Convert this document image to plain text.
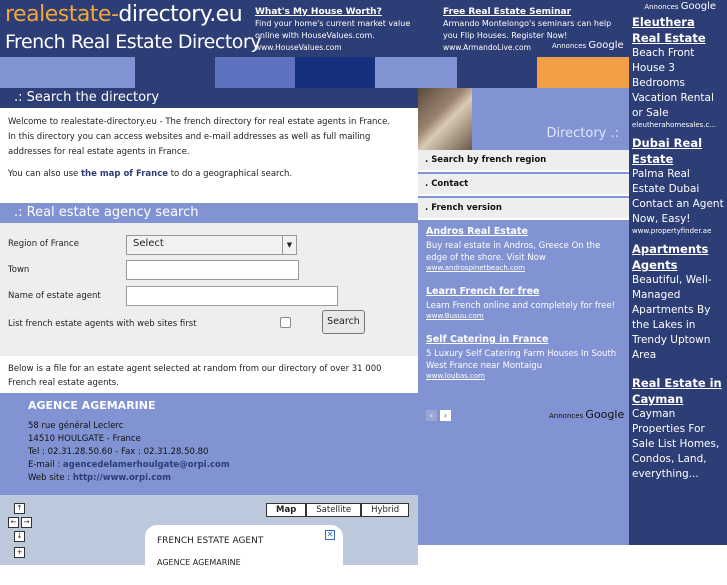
realestate-directory.eu
French Real Estate Directory
What's My House Worth?
Find your home's current market value online with HouseValues.com.
www.HouseValues.com
Free Real Estate Seminar
Armando Montelongo's seminars can help you Flip Houses. Register Now!
www.ArmandoLive.com	Annonces Google
.: Search the directory
Welcome to realestate-directory.eu - The french directory for real estate agents in France.
In this directory you can access websites and e-mail addresses as well as full mailing addresses for real estate agents in France.
You can also use the map of France to do a geographical search.
.: Real estate agency search
Region of France	Select	▼
Town
Name of estate agent
List french estate agents with web sites first	Search
Below is a file for an estate agent selected at random from our directory of over 31 000 French real estate agents.
AGENCE AGEMARINE
58 rue général Leclerc
14510 HOULGATE - France
Tel : 02.31.28.50.60 - Fax : 02.31.28.50.80
E-mail : agencedelamerhoulgate@orpi.com
Web site : http://www.orpi.com
↑
←	→
↓
+
Map	Satellite	Hybrid
FRENCH ESTATE AGENT
AGENCE AGEMARINE
✕
Directory .:
. Search by french region
. Contact
. French version
Andros Real Estate
Buy real estate in Andros, Greece On the edge of the shore. Visit Now
www.androspinetbeach.com
Learn French for free
Learn French online and completely for free!
www.Busuu.com
Self Catering in France
5 Luxury Self Catering Farm Houses In South West France near Montaigu
www.loubas.com
‹	›	Annonces Google
Annonces Google
Eleuthera Real Estate
Beach Front House 3 Bedrooms Vacation Rental or Sale
eleutherahomesales.c...
Dubai Real Estate
Palma Real Estate Dubai Contact an Agent Now, Easy!
www.propertyfinder.ae
Apartments Agents
Beautiful, Well-Managed Apartments By the Lakes in Trendy Uptown Area
Real Estate in Cayman
Cayman Properties For Sale List Homes, Condos, Land, everything...
